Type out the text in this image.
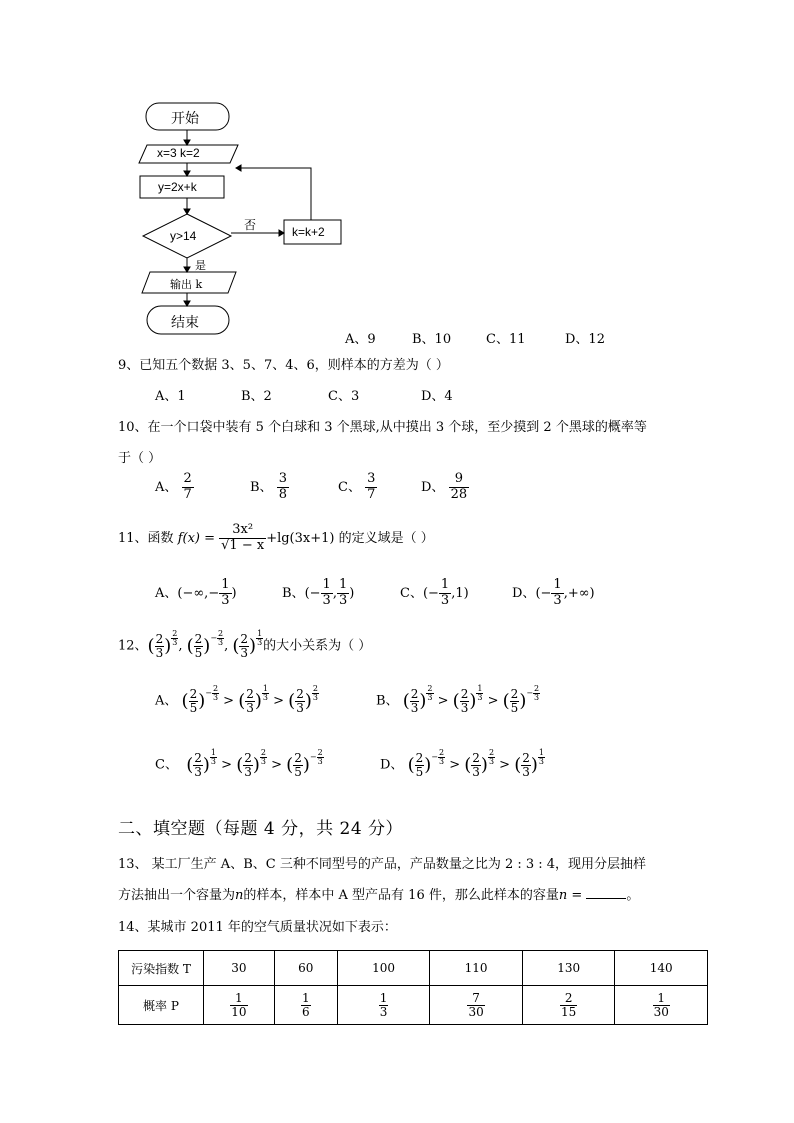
开始
x=3 k=2
y=2x+k
y>14
否	k=k+2
是
输出 k
结束
A、9	B、10	C、11	D、12
9、已知五个数据 3、5、7、4、6，则样本的方差为（ ）
A、1	B、2	C、3	D、4
10、在一个口袋中装有 5 个白球和 3 个黑球,从中摸出 3 个球，至少摸到 2 个黑球的概率等
于（ ）
A、 $\frac{2}{7}$	B、 $\frac{3}{8}$	C、 $\frac{3}{7}$	D、 $\frac{9}{28}$
11、函数 $f(x) = \frac{\text{3x²}}{√1 - x} +\lg(3x+1)$ 的定义域是（ ）
A、(−∞,− $\frac{1}{3}$ )	B、(− $\frac{1}{3}$ , $\frac{1}{3}$ )	C、(− $\frac{1}{3} ,1$)	D、(− $\frac{1}{3}$ ,+∞)
12、( $\frac{2}{3}$ ) $\frac{2}{3}$ , ( $\frac{2}{5}$ )− $\frac{2}{3}$ , ( $\frac{2}{3}$ ) $\frac{1}{3}$ 的大小关系为（ ）
A、 ( $\frac{2}{5}$ )− $\frac{2}{3}$ > ( $\frac{2}{3}$ ) $\frac{1}{3}$ > ( $\frac{2}{3}$ ) $\frac{2}{3}$	B、 ( $\frac{2}{3}$ ) $\frac{2}{3}$ > ( $\frac{2}{3}$ ) $\frac{1}{3}$ > ( $\frac{2}{5}$ )− $\frac{2}{3}$
C、 ( $\frac{2}{3}$ ) $\frac{1}{3}$ > ( $\frac{2}{3}$ ) $\frac{2}{3}$ > ( $\frac{2}{5}$ )− $\frac{2}{3}$	D、 ( $\frac{2}{5}$ )− $\frac{2}{3}$ > ( $\frac{2}{3}$ ) $\frac{2}{3}$ > ( $\frac{2}{3}$ ) $\frac{1}{3}$
二、填空题（每题 4 分，共 24 分）
13、 某工厂生产 A、B、C 三种不同型号的产品，产品数量之比为 2 : 3 : 4，现用分层抽样
方法抽出一个容量为n的样本，样本中 A 型产品有 16 件，那么此样本的容量n =	。
14、某城市 2011 年的空气质量状况如下表示：
污染指数 T	30	60	100	110	130	140
概率 P	$\frac{1}{10}$	$\frac{1}{6}$	$\frac{1}{3}$	$\frac{7}{30}$	$\frac{2}{15}$	$\frac{1}{30}$
